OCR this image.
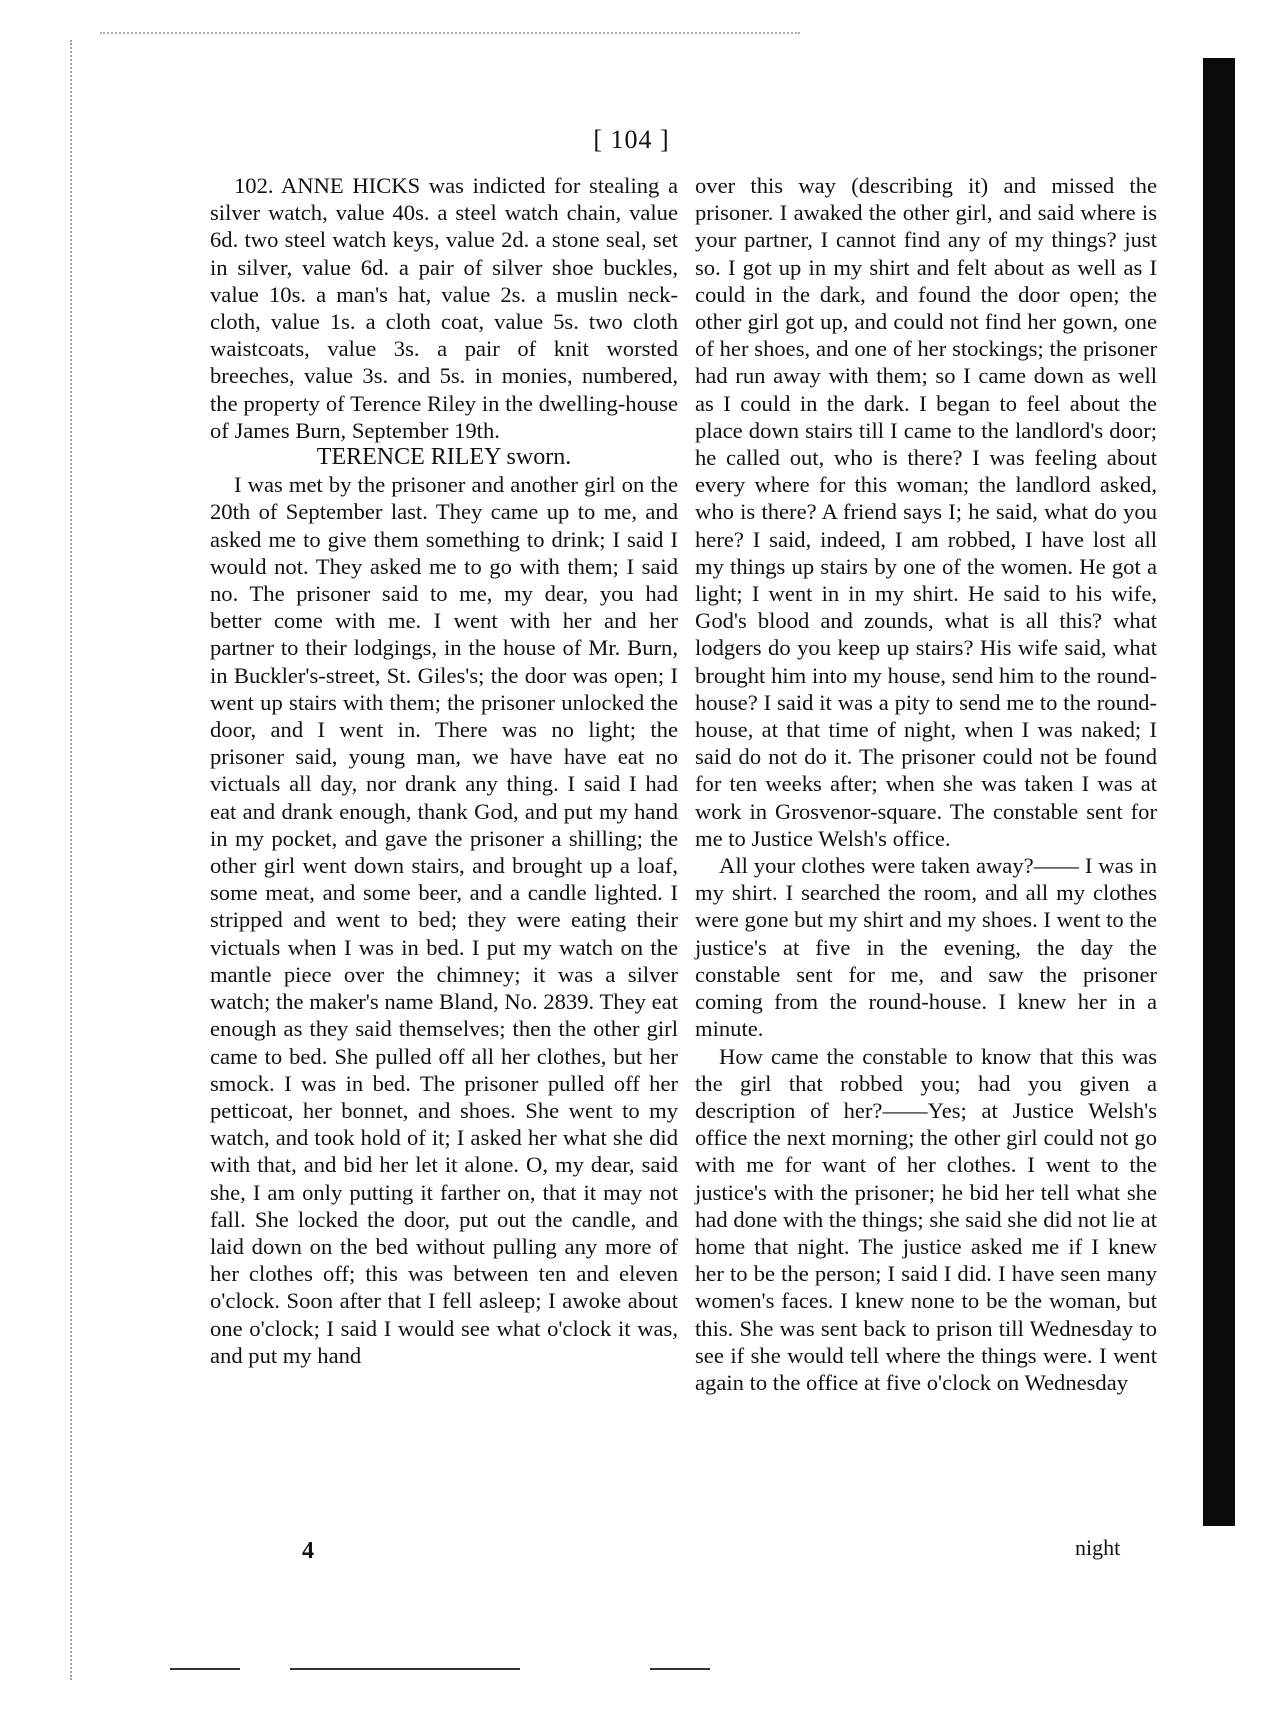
[ 104 ]

102. ANNE HICKS was indicted for stealing a silver watch, value 40s. a steel watch chain, value 6d. two steel watch keys, value 2d. a stone seal, set in silver, value 6d. a pair of silver shoe buckles, value 10s. a man's hat, value 2s. a muslin neck-cloth, value 1s. a cloth coat, value 5s. two cloth waistcoats, value 3s. a pair of knit worsted breeches, value 3s. and 5s. in monies, numbered, the property of Terence Riley in the dwelling-house of James Burn, September 19th.

TERENCE RILEY sworn.

I was met by the prisoner and another girl on the 20th of September last. They came up to me, and asked me to give them something to drink; I said I would not. They asked me to go with them; I said no. The prisoner said to me, my dear, you had better come with me. I went with her and her partner to their lodgings, in the house of Mr. Burn, in Buckler's-street, St. Giles's; the door was open; I went up stairs with them; the prisoner unlocked the door, and I went in. There was no light; the prisoner said, young man, we have have eat no victuals all day, nor drank any thing. I said I had eat and drank enough, thank God, and put my hand in my pocket, and gave the prisoner a shilling; the other girl went down stairs, and brought up a loaf, some meat, and some beer, and a candle lighted. I stripped and went to bed; they were eating their victuals when I was in bed. I put my watch on the mantle piece over the chimney; it was a silver watch; the maker's name Bland, No. 2839. They eat enough as they said themselves; then the other girl came to bed. She pulled off all her clothes, but her smock. I was in bed. The prisoner pulled off her petticoat, her bonnet, and shoes. She went to my watch, and took hold of it; I asked her what she did with that, and bid her let it alone. O, my dear, said she, I am only putting it farther on, that it may not fall. She locked the door, put out the candle, and laid down on the bed without pulling any more of her clothes off; this was between ten and eleven o'clock. Soon after that I fell asleep; I awoke about one o'clock; I said I would see what o'clock it was, and put my hand

over this way (describing it) and missed the prisoner. I awaked the other girl, and said where is your partner, I cannot find any of my things? just so. I got up in my shirt and felt about as well as I could in the dark, and found the door open; the other girl got up, and could not find her gown, one of her shoes, and one of her stockings; the prisoner had run away with them; so I came down as well as I could in the dark. I began to feel about the place down stairs till I came to the landlord's door; he called out, who is there? I was feeling about every where for this woman; the landlord asked, who is there? A friend says I; he said, what do you here? I said, indeed, I am robbed, I have lost all my things up stairs by one of the women. He got a light; I went in in my shirt. He said to his wife, God's blood and zounds, what is all this? what lodgers do you keep up stairs? His wife said, what brought him into my house, send him to the round-house? I said it was a pity to send me to the round-house, at that time of night, when I was naked; I said do not do it. The prisoner could not be found for ten weeks after; when she was taken I was at work in Grosvenor-square. The constable sent for me to Justice Welsh's office.

All your clothes were taken away?—— I was in my shirt. I searched the room, and all my clothes were gone but my shirt and my shoes. I went to the justice's at five in the evening, the day the constable sent for me, and saw the prisoner coming from the round-house. I knew her in a minute.

How came the constable to know that this was the girl that robbed you; had you given a description of her?——Yes; at Justice Welsh's office the next morning; the other girl could not go with me for want of her clothes. I went to the justice's with the prisoner; he bid her tell what she had done with the things; she said she did not lie at home that night. The justice asked me if I knew her to be the person; I said I did. I have seen many women's faces. I knew none to be the woman, but this. She was sent back to prison till Wednesday to see if she would tell where the things were. I went again to the office at five o'clock on Wednesday

4	night
